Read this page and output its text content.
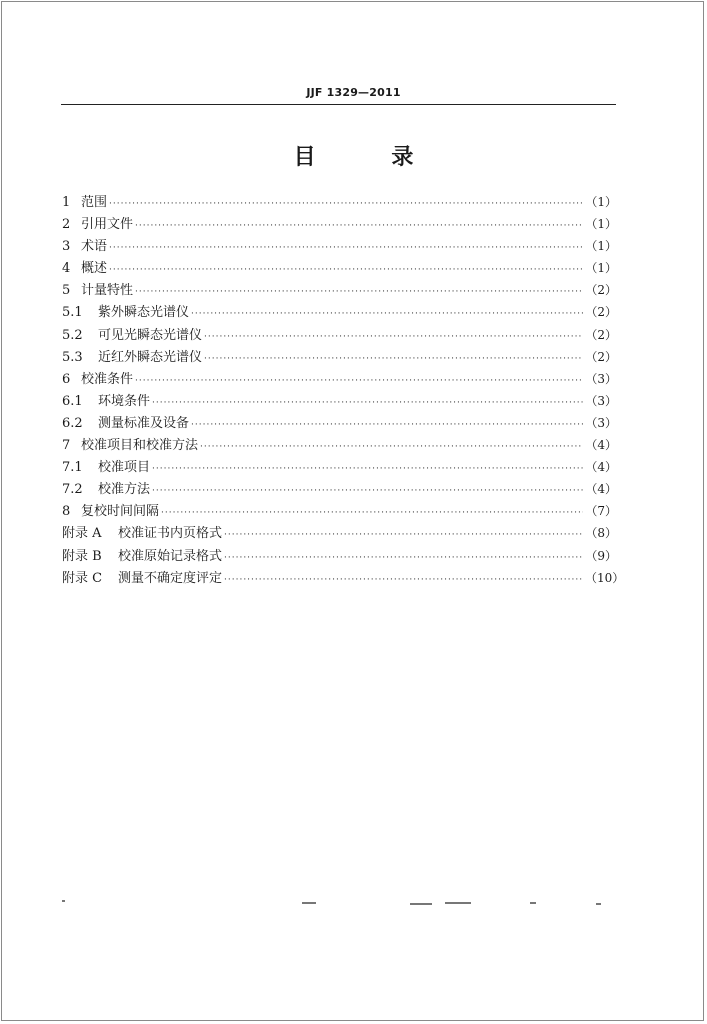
JJF 1329—2011
目 录
1 范围 ·····	（1）
2 引用文件 ·····	（1）
3 术语 ·····	（1）
4 概述 ·····	（1）
5 计量特性 ·····	（2）
5.1 紫外瞬态光谱仪 ·····	（2）
5.2 可见光瞬态光谱仪 ·····	（2）
5.3 近红外瞬态光谱仪 ·····	（2）
6 校准条件 ·····	（3）
6.1 环境条件 ·····	（3）
6.2 测量标准及设备 ·····	（3）
7 校准项目和校准方法 ·····	（4）
7.1 校准项目 ·····	（4）
7.2 校准方法 ·····	（4）
8 复校时间间隔 ·····	（7）
附录 A 校准证书内页格式 ·····	（8）
附录 B 校准原始记录格式 ·····	（9）
附录 C 测量不确定度评定 ·····	（10）
